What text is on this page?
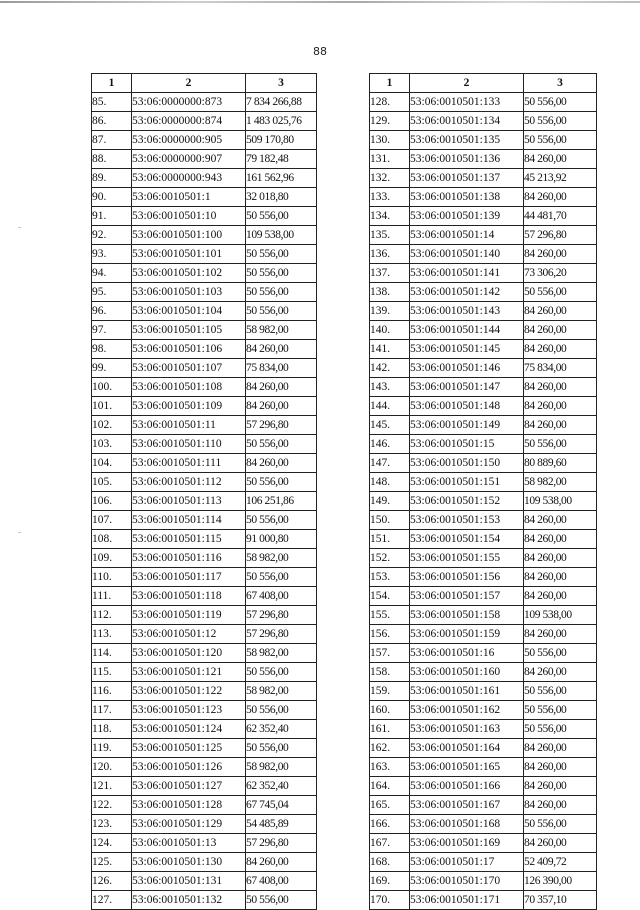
88
1	2	3
85.	53:06:0000000:873	7 834 266,88
86.	53:06:0000000:874	1 483 025,76
87.	53:06:0000000:905	509 170,80
88.	53:06:0000000:907	79 182,48
89.	53:06:0000000:943	161 562,96
90.	53:06:0010501:1	32 018,80
91.	53:06:0010501:10	50 556,00
92.	53:06:0010501:100	109 538,00
93.	53:06:0010501:101	50 556,00
94.	53:06:0010501:102	50 556,00
95.	53:06:0010501:103	50 556,00
96.	53:06:0010501:104	50 556,00
97.	53:06:0010501:105	58 982,00
98.	53:06:0010501:106	84 260,00
99.	53:06:0010501:107	75 834,00
100.	53:06:0010501:108	84 260,00
101.	53:06:0010501:109	84 260,00
102.	53:06:0010501:11	57 296,80
103.	53:06:0010501:110	50 556,00
104.	53:06:0010501:111	84 260,00
105.	53:06:0010501:112	50 556,00
106.	53:06:0010501:113	106 251,86
107.	53:06:0010501:114	50 556,00
108.	53:06:0010501:115	91 000,80
109.	53:06:0010501:116	58 982,00
110.	53:06:0010501:117	50 556,00
111.	53:06:0010501:118	67 408,00
112.	53:06:0010501:119	57 296,80
113.	53:06:0010501:12	57 296,80
114.	53:06:0010501:120	58 982,00
115.	53:06:0010501:121	50 556,00
116.	53:06:0010501:122	58 982,00
117.	53:06:0010501:123	50 556,00
118.	53:06:0010501:124	62 352,40
119.	53:06:0010501:125	50 556,00
120.	53:06:0010501:126	58 982,00
121.	53:06:0010501:127	62 352,40
122.	53:06:0010501:128	67 745,04
123.	53:06:0010501:129	54 485,89
124.	53:06:0010501:13	57 296,80
125.	53:06:0010501:130	84 260,00
126.	53:06:0010501:131	67 408,00
127.	53:06:0010501:132	50 556,00
1	2	3
128.	53:06:0010501:133	50 556,00
129.	53:06:0010501:134	50 556,00
130.	53:06:0010501:135	50 556,00
131.	53:06:0010501:136	84 260,00
132.	53:06:0010501:137	45 213,92
133.	53:06:0010501:138	84 260,00
134.	53:06:0010501:139	44 481,70
135.	53:06:0010501:14	57 296,80
136.	53:06:0010501:140	84 260,00
137.	53:06:0010501:141	73 306,20
138.	53:06:0010501:142	50 556,00
139.	53:06:0010501:143	84 260,00
140.	53:06:0010501:144	84 260,00
141.	53:06:0010501:145	84 260,00
142.	53:06:0010501:146	75 834,00
143.	53:06:0010501:147	84 260,00
144.	53:06:0010501:148	84 260,00
145.	53:06:0010501:149	84 260,00
146.	53:06:0010501:15	50 556,00
147.	53:06:0010501:150	80 889,60
148.	53:06:0010501:151	58 982,00
149.	53:06:0010501:152	109 538,00
150.	53:06:0010501:153	84 260,00
151.	53:06:0010501:154	84 260,00
152.	53:06:0010501:155	84 260,00
153.	53:06:0010501:156	84 260,00
154.	53:06:0010501:157	84 260,00
155.	53:06:0010501:158	109 538,00
156.	53:06:0010501:159	84 260,00
157.	53:06:0010501:16	50 556,00
158.	53:06:0010501:160	84 260,00
159.	53:06:0010501:161	50 556,00
160.	53:06:0010501:162	50 556,00
161.	53:06:0010501:163	50 556,00
162.	53:06:0010501:164	84 260,00
163.	53:06:0010501:165	84 260,00
164.	53:06:0010501:166	84 260,00
165.	53:06:0010501:167	84 260,00
166.	53:06:0010501:168	50 556,00
167.	53:06:0010501:169	84 260,00
168.	53:06:0010501:17	52 409,72
169.	53:06:0010501:170	126 390,00
170.	53:06:0010501:171	70 357,10
